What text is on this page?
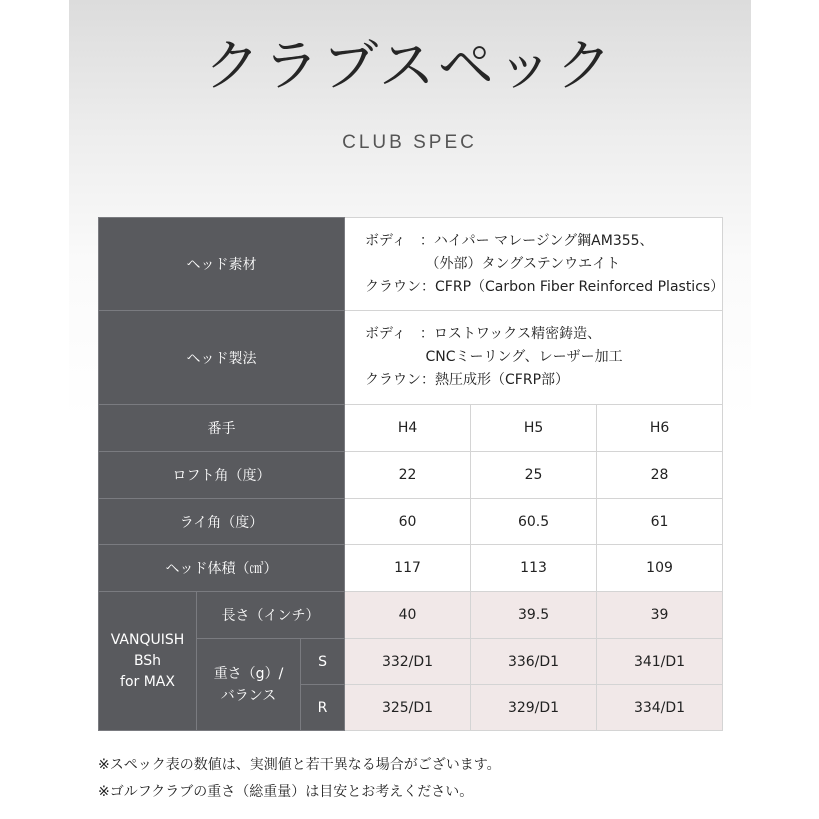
クラブスペック
CLUB SPEC
ヘッド素材			ボディ　：ハイパー マレージング鋼AM355、
　　　　 （外部）タングステンウエイト
クラウン：CFRP（Carbon Fiber Reinforced Plastics）		

ヘッド製法			ボディ　：ロストワックス精密鋳造、
　　　　 CNCミーリング、レーザー加工
クラウン：熱圧成形（CFRP部）		

番手			H4	H5	H6
ロフト角（度）			22	25	28
ライ角（度）			60	60.5	61
ヘッド体積（㎤）			117	113	109

VANQUISH
BSh
for MAX	長さ（インチ）		40	39.5	39

	重さ（g）/
バランス	S	332/D1	336/D1	341/D1
		R	325/D1	329/D1	334/D1
※スペック表の数値は、実測値と若干異なる場合がございます。
※ゴルフクラブの重さ（総重量）は目安とお考えください。
